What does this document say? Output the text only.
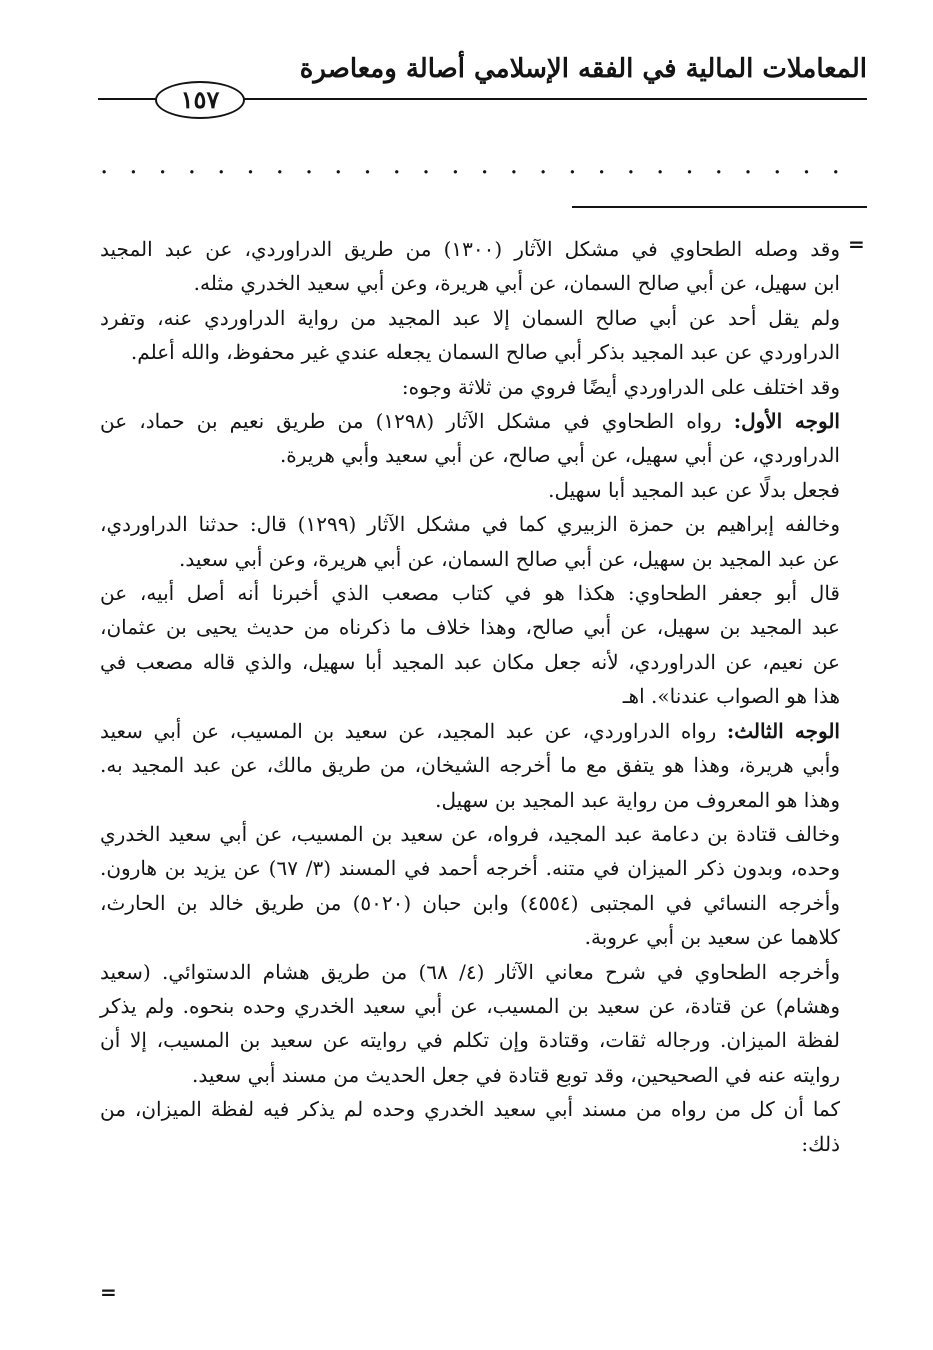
المعاملات المالية في الفقه الإسلامي أصالة ومعاصرة
١٥٧
. . . . . . . . . . . . . . . . . . . . . . . . . .
=
وقد وصله الطحاوي في مشكل الآثار (١٣٠٠) من طريق الدراوردي، عن عبد المجيد
ابن سهيل، عن أبي صالح السمان، عن أبي هريرة، وعن أبي سعيد الخدري مثله.
ولم يقل أحد عن أبي صالح السمان إلا عبد المجيد من رواية الدراوردي عنه، وتفرد
الدراوردي عن عبد المجيد بذكر أبي صالح السمان يجعله عندي غير محفوظ، والله أعلم.
وقد اختلف على الدراوردي أيضًا فروي من ثلاثة وجوه:
الوجه الأول: رواه الطحاوي في مشكل الآثار (١٢٩٨) من طريق نعيم بن حماد، عن
الدراوردي، عن أبي سهيل، عن أبي صالح، عن أبي سعيد وأبي هريرة.
فجعل بدلًا عن عبد المجيد أبا سهيل.
وخالفه إبراهيم بن حمزة الزبيري كما في مشكل الآثار (١٢٩٩) قال: حدثنا الدراوردي،
عن عبد المجيد بن سهيل، عن أبي صالح السمان، عن أبي هريرة، وعن أبي سعيد.
قال أبو جعفر الطحاوي: هكذا هو في كتاب مصعب الذي أخبرنا أنه أصل أبيه، عن
عبد المجيد بن سهيل، عن أبي صالح، وهذا خلاف ما ذكرناه من حديث يحيى بن عثمان،
عن نعيم، عن الدراوردي، لأنه جعل مكان عبد المجيد أبا سهيل، والذي قاله مصعب في
هذا هو الصواب عندنا». اهـ
الوجه الثالث: رواه الدراوردي، عن عبد المجيد، عن سعيد بن المسيب، عن أبي سعيد
وأبي هريرة، وهذا هو يتفق مع ما أخرجه الشيخان، من طريق مالك، عن عبد المجيد به.
وهذا هو المعروف من رواية عبد المجيد بن سهيل.
وخالف قتادة بن دعامة عبد المجيد، فرواه، عن سعيد بن المسيب، عن أبي سعيد الخدري
وحده، وبدون ذكر الميزان في متنه. أخرجه أحمد في المسند (٣/ ٦٧) عن يزيد بن هارون.
وأخرجه النسائي في المجتبى (٤٥٥٤) وابن حبان (٥٠٢٠) من طريق خالد بن الحارث،
كلاهما عن سعيد بن أبي عروبة.
وأخرجه الطحاوي في شرح معاني الآثار (٤/ ٦٨) من طريق هشام الدستوائي. (سعيد
وهشام) عن قتادة، عن سعيد بن المسيب، عن أبي سعيد الخدري وحده بنحوه. ولم يذكر
لفظة الميزان. ورجاله ثقات، وقتادة وإن تكلم في روايته عن سعيد بن المسيب، إلا أن
روايته عنه في الصحيحين، وقد توبع قتادة في جعل الحديث من مسند أبي سعيد.
كما أن كل من رواه من مسند أبي سعيد الخدري وحده لم يذكر فيه لفظة الميزان، من
ذلك:
=
